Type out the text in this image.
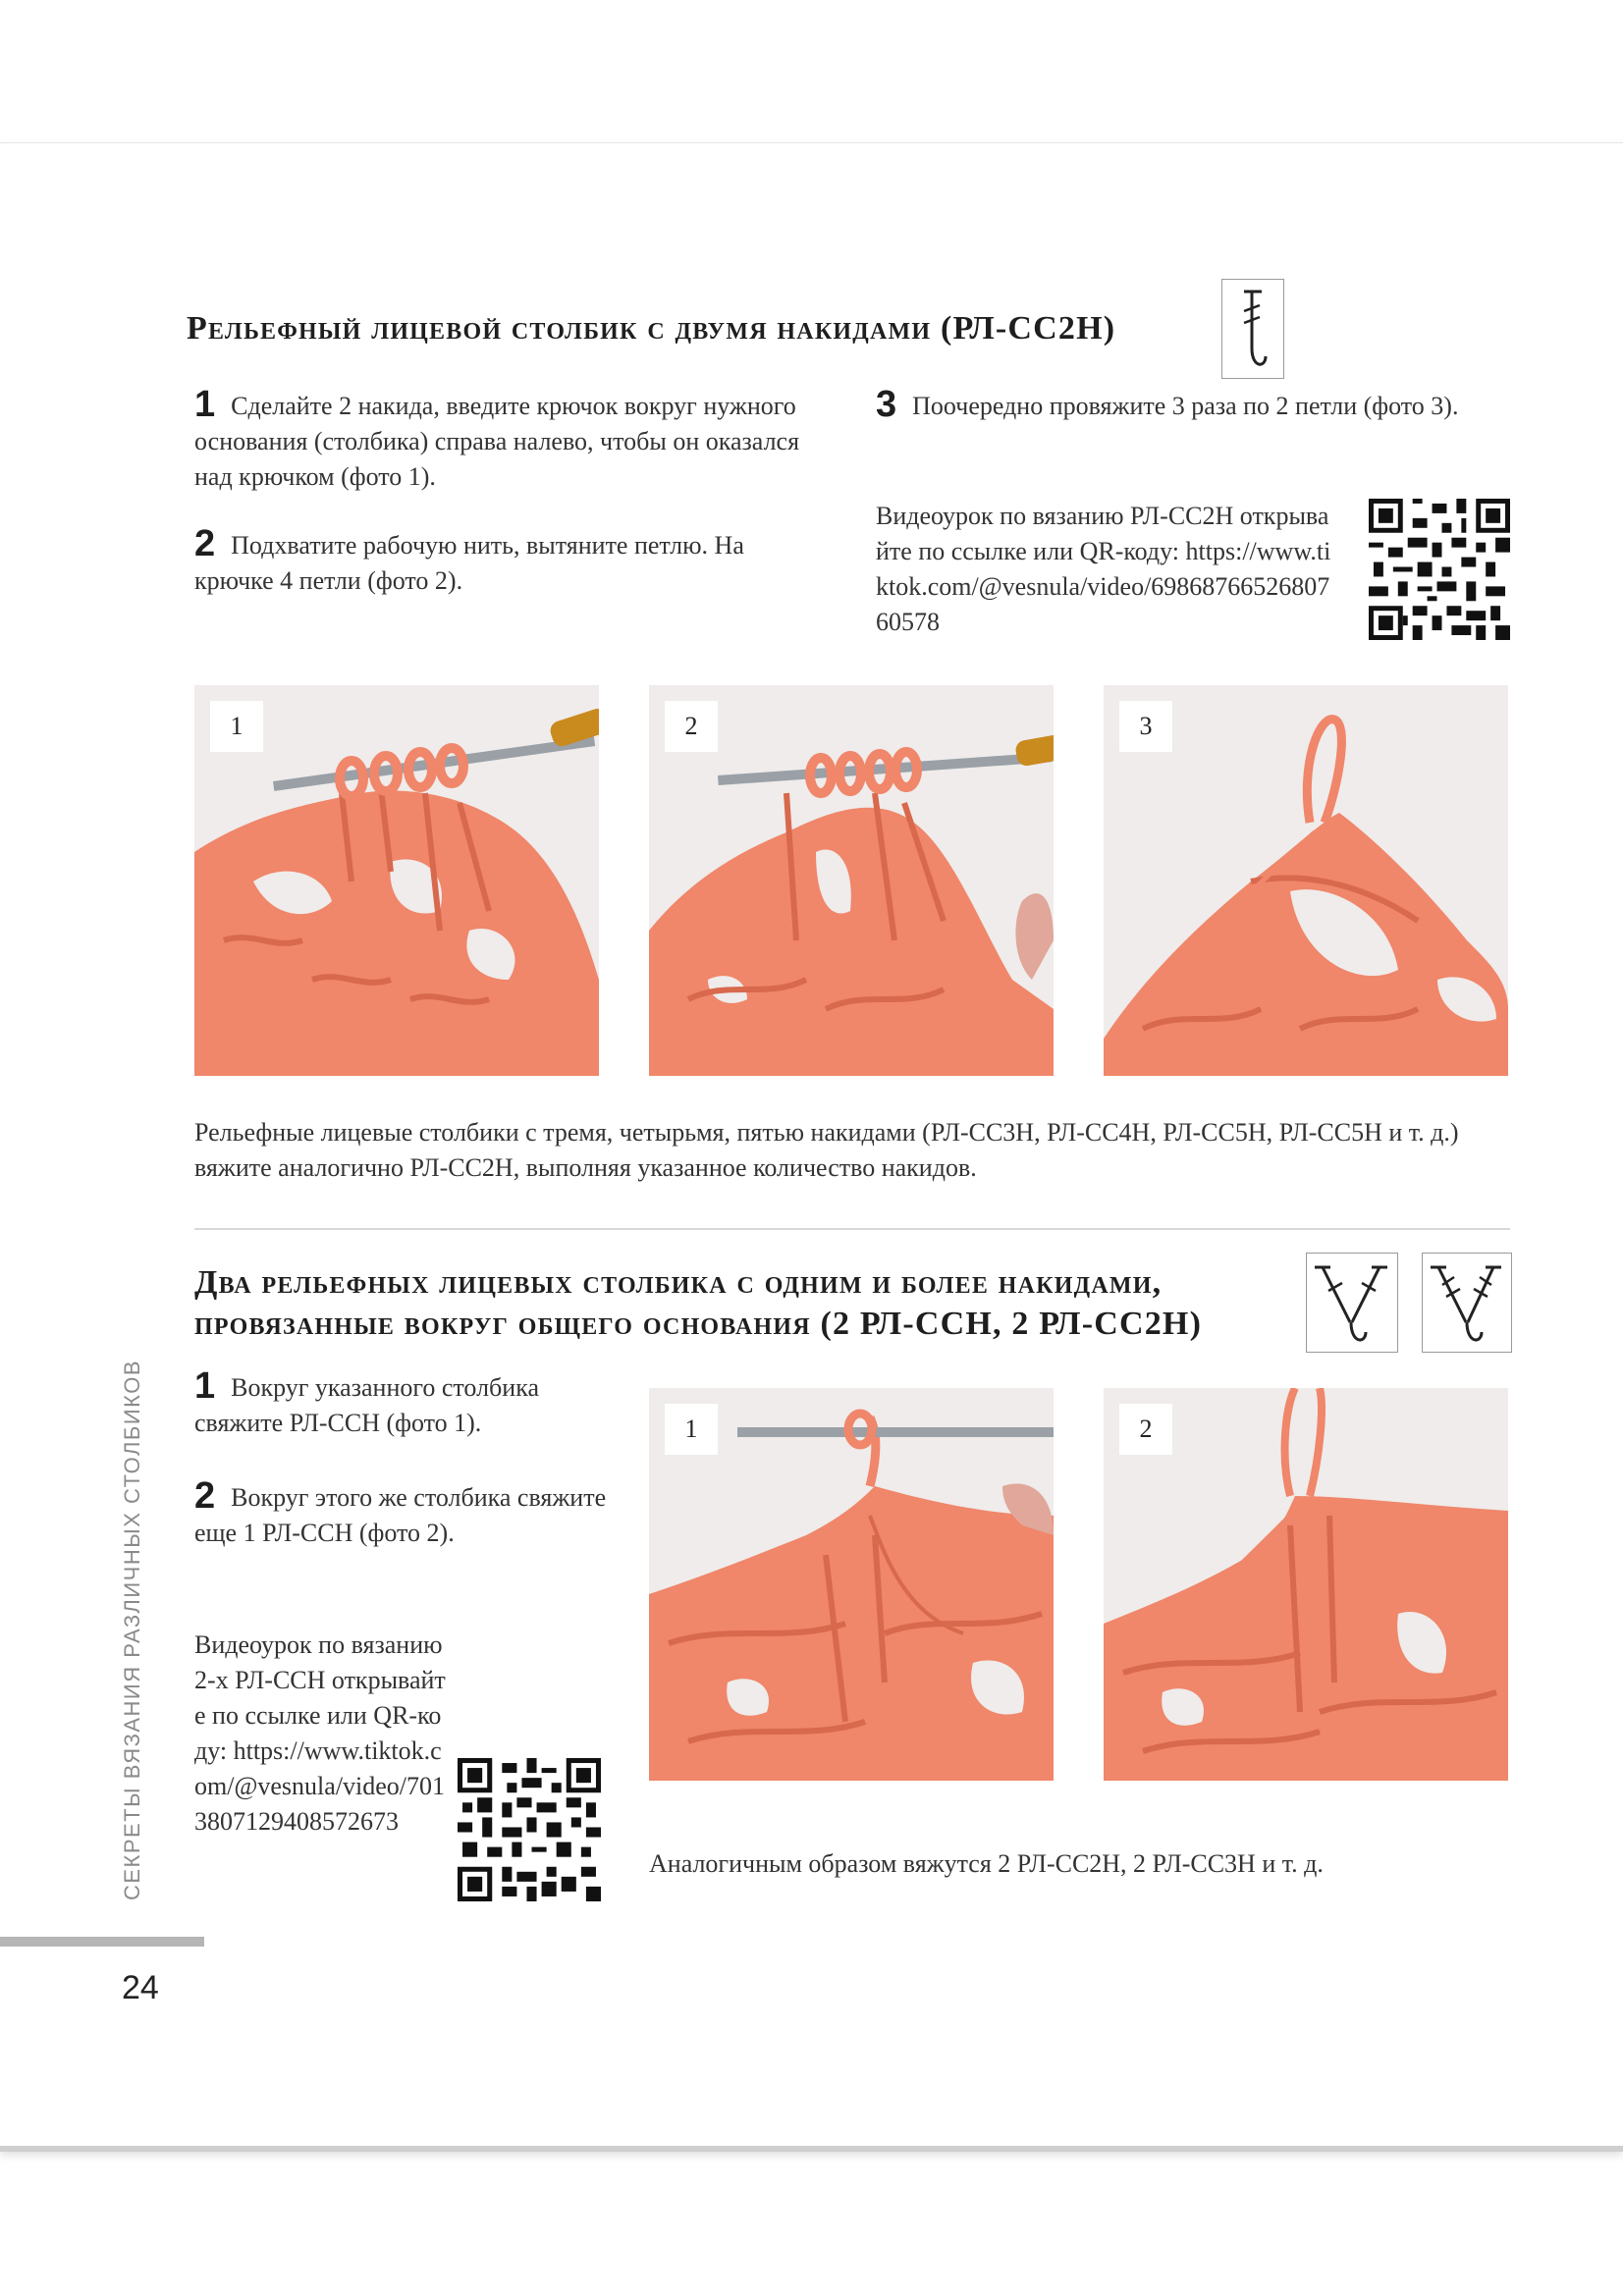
Рельефный лицевой столбик с двумя накидами (РЛ-СС2Н)
1 Сделайте 2 накида, введите крючок вокруг нужного основания (столбика) справа налево, чтобы он оказался над крючком (фото 1).
2 Подхватите рабочую нить, вытяните петлю. На крючке 4 петли (фото 2).
3 Поочередно провяжите 3 раза по 2 петли (фото 3).
Видеоурок по вязанию РЛ-СС2Н открывайте по ссылке или QR-коду: https://www.tiktok.com/@vesnula/video/6986876652680760578
1	2	3
Рельефные лицевые столбики с тремя, четырьмя, пятью накидами (РЛ-СС3Н, РЛ-СС4Н, РЛ-СС5Н, РЛ-СС5Н и т. д.) вяжите аналогично РЛ-СС2Н, выполняя указанное количество накидов.
Два рельефных лицевых столбика с одним и более накидами,
провязанные вокруг общего основания (2 РЛ-ССН, 2 РЛ-СС2Н)
1 Вокруг указанного столбика свяжите РЛ-ССН (фото 1).
2 Вокруг этого же столбика свяжите еще 1 РЛ-ССН (фото 2).
Видеоурок по вязанию 2-х РЛ-ССН открывайте по ссылке или QR-коду: https://www.tiktok.com/@vesnula/video/7013807129408572673
1	2
Аналогичным образом вяжутся 2 РЛ-СС2Н, 2 РЛ-СС3Н и т. д.
СЕКРЕТЫ ВЯЗАНИЯ РАЗЛИЧНЫХ СТОЛБИКОВ
24
